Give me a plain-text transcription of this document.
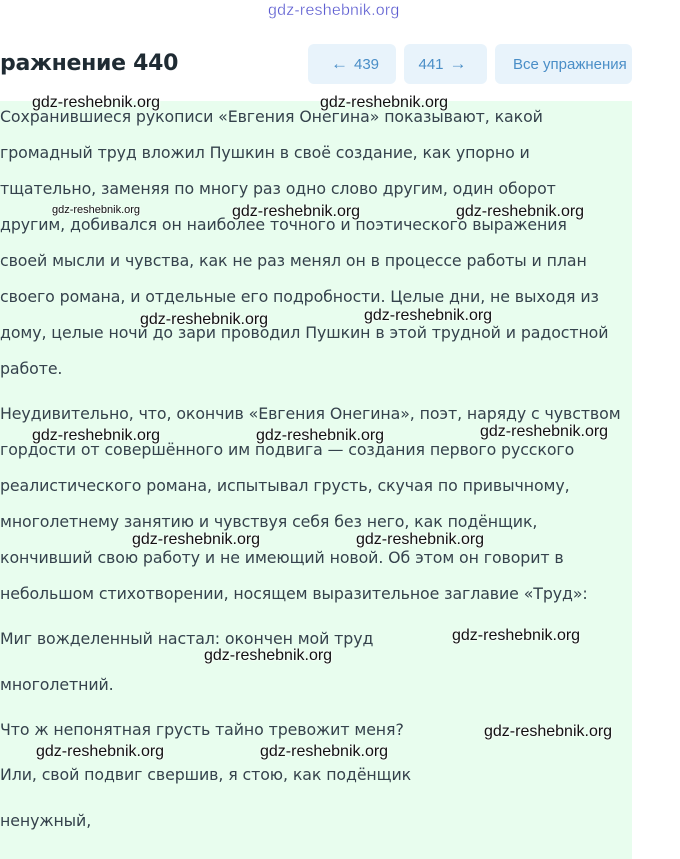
gdz-reshebnik.org
ражнение 440	← 439	441 →	Все упражнения
Сохранившиеся рукописи «Евгения Онегина» показывают, какой
громадный труд вложил Пушкин в своё создание, как упорно и
тщательно, заменяя по многу раз одно слово другим, один оборот
другим, добивался он наиболее точного и поэтического выражения
своей мысли и чувства, как не раз менял он в процессе работы и план
своего романа, и отдельные его подробности. Целые дни, не выходя из
дому, целые ночи до зари проводил Пушкин в этой трудной и радостной
работе.
Неудивительно, что, окончив «Евгения Онегина», поэт, наряду с чувством
гордости от совершённого им подвига — создания первого русского
реалистического романа, испытывал грусть, скучая по привычному,
многолетнему занятию и чувствуя себя без него, как подёнщик,
кончивший свою работу и не имеющий новой. Об этом он говорит в
небольшом стихотворении, носящем выразительное заглавие «Труд»:
Миг вожделенный настал: окончен мой труд
многолетний.
Что ж непонятная грусть тайно тревожит меня?
Или, свой подвиг свершив, я стою, как подёнщик
ненужный,
gdz-reshebnik.org	gdz-reshebnik.org
gdz-reshebnik.org	gdz-reshebnik.org	gdz-reshebnik.org
gdz-reshebnik.org	gdz-reshebnik.org
gdz-reshebnik.org	gdz-reshebnik.org	gdz-reshebnik.org
gdz-reshebnik.org	gdz-reshebnik.org
gdz-reshebnik.org
gdz-reshebnik.org
gdz-reshebnik.org
gdz-reshebnik.org	gdz-reshebnik.org
